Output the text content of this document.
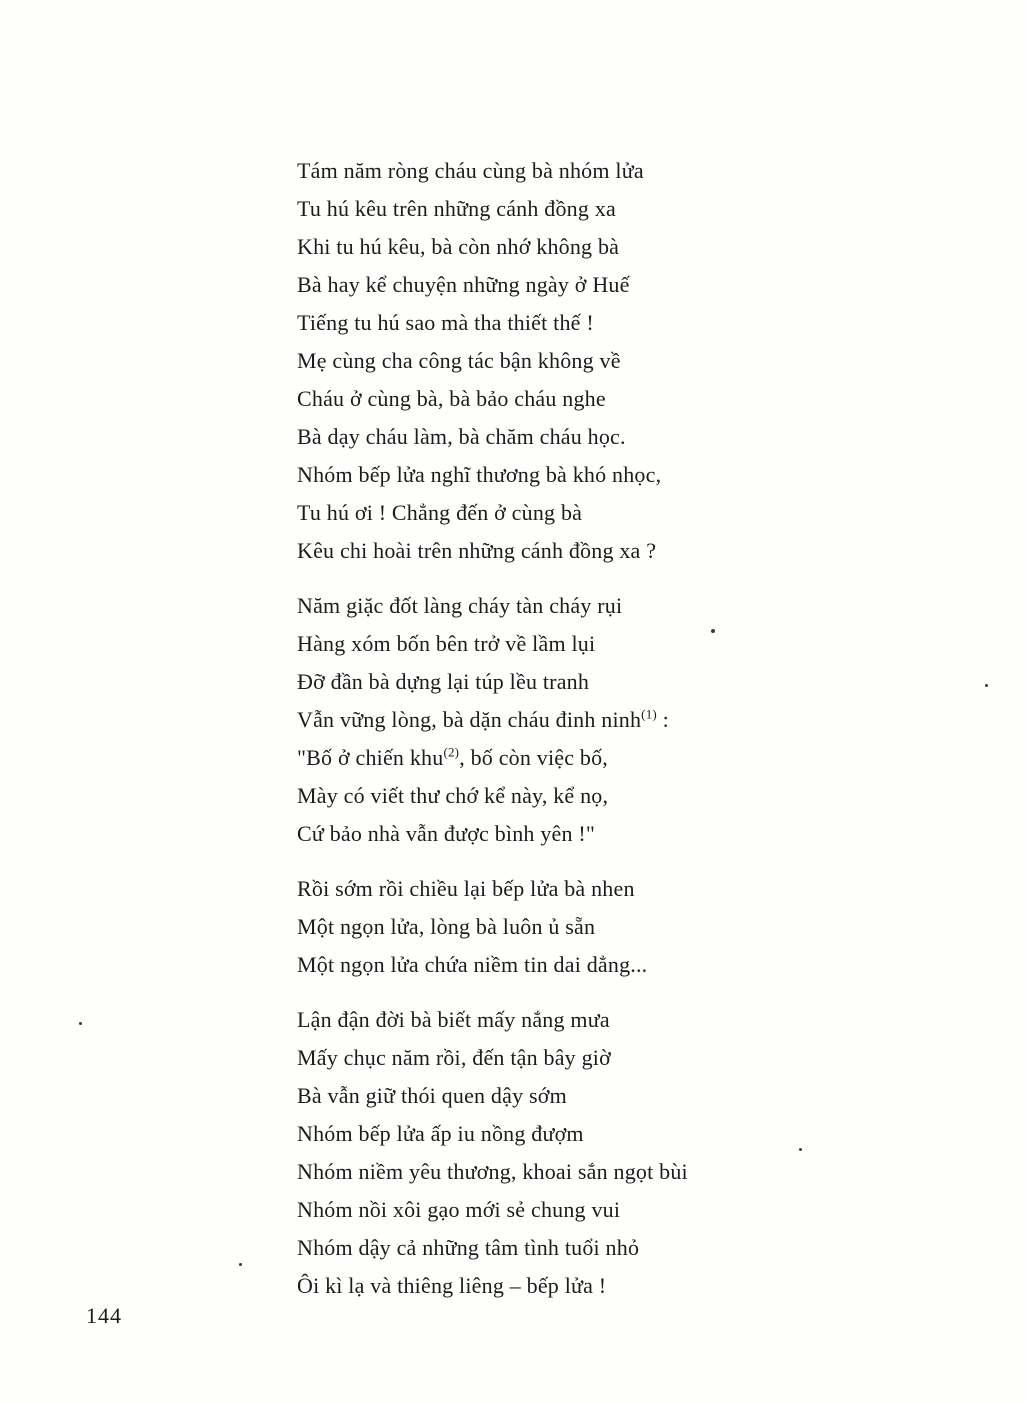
Tám năm ròng cháu cùng bà nhóm lửa

Tu hú kêu trên những cánh đồng xa

Khi tu hú kêu, bà còn nhớ không bà

Bà hay kể chuyện những ngày ở Huế

Tiếng tu hú sao mà tha thiết thế !

Mẹ cùng cha công tác bận không về

Cháu ở cùng bà, bà bảo cháu nghe

Bà dạy cháu làm, bà chăm cháu học.

Nhóm bếp lửa nghĩ thương bà khó nhọc,

Tu hú ơi ! Chẳng đến ở cùng bà

Kêu chi hoài trên những cánh đồng xa ?

Năm giặc đốt làng cháy tàn cháy rụi

Hàng xóm bốn bên trở về lầm lụi

Đỡ đần bà dựng lại túp lều tranh

Vẫn vững lòng, bà dặn cháu đinh ninh$^{(1)}$ :

"Bố ở chiến khu$^{(2)}$, bố còn việc bố,

Mày có viết thư chớ kể này, kể nọ,

Cứ bảo nhà vẫn được bình yên !"

Rồi sớm rồi chiều lại bếp lửa bà nhen

Một ngọn lửa, lòng bà luôn ủ sẵn

Một ngọn lửa chứa niềm tin dai dẳng...

Lận đận đời bà biết mấy nắng mưa

Mấy chục năm rồi, đến tận bây giờ

Bà vẫn giữ thói quen dậy sớm

Nhóm bếp lửa ấp iu nồng đượm

Nhóm niềm yêu thương, khoai sắn ngọt bùi

Nhóm nồi xôi gạo mới sẻ chung vui

Nhóm dậy cả những tâm tình tuổi nhỏ

Ôi kì lạ và thiêng liêng – bếp lửa !

144
